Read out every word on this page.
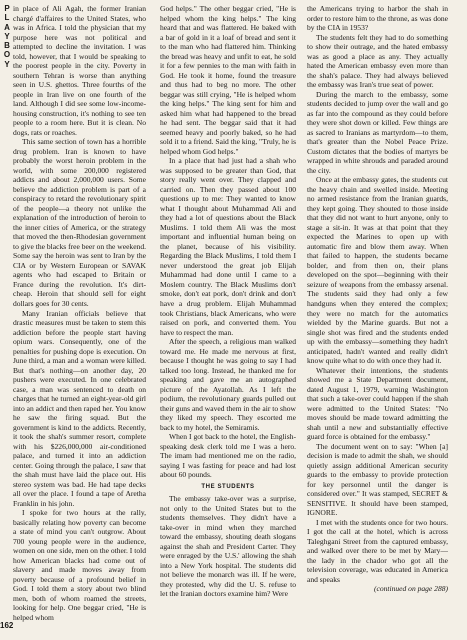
P
L
A
Y
B
O
Y
162

in place of Ali Agah, the former Iranian chargé d'affaires to the United States, who was in Africa. I told the physician that my purpose here was not political and attempted to decline the invitation. I was told, however, that I would be speaking to the poorest people in the city. Poverty in southern Tehran is worse than anything seen in U.S. ghettos. Three fourths of the people in Iran live on one fourth of the land. Although I did see some low-income-housing construction, it's nothing to see ten people to a room here. But it is clean. No dogs, rats or roaches.

This same section of town has a horrible drug problem. Iran is known to have probably the worst heroin problem in the world, with some 200,000 registered addicts and about 2,000,000 users. Some believe the addiction problem is part of a conspiracy to retard the revolutionary spirit of the people—a theory not unlike the explanation of the introduction of heroin to the inner cities of America, or the strategy that moved the then-Rhodesian government to give the blacks free beer on the weekend. Some say the heroin was sent to Iran by the CIA or by Western European or SAVAK agents who had escaped to Britain or France during the revolution. It's dirt-cheap. Heroin that should sell for eight dollars goes for 30 cents.

Many Iranian officials believe that drastic measures must be taken to stem this addiction before the people start having opium wars. Consequently, one of the penalties for pushing dope is execution. On June third, a man and a woman were killed. But that's nothing—on another day, 20 pushers were executed. In one celebrated case, a man was sentenced to death on charges that he turned an eight-year-old girl into an addict and then raped her. You know he saw the firing squad. But the government is kind to the addicts. Recently, it took the shah's summer resort, complete with his $226,000,000 air-conditioned palace, and turned it into an addiction center. Going through the palace, I saw that the shah must have laid the place out. His stereo system was bad. He had tape decks all over the place. I found a tape of Aretha Franklin in his john.

I spoke for two hours at the rally, basically relating how poverty can become a state of mind you can't outgrow. About 700 young people were in the audience, women on one side, men on the other. I told how American blacks had come out of slavery and made moves away from poverty because of a profound belief in God. I told them a story about two blind men, both of whom roamed the streets, looking for help. One beggar cried, "He is helped whom

God helps." The other beggar cried, "He is helped whom the king helps." The king heard that and was flattered. He baked with a bar of gold in it a loaf of bread and sent it to the man who had flattered him. Thinking the bread was heavy and unfit to eat, he sold it for a few pennies to the man with faith in God. He took it home, found the treasure and thus had to beg no more. The other beggar was still crying, "He is helped whom the king helps." The king sent for him and asked him what had happened to the bread he had sent. The beggar said that it had seemed heavy and poorly baked, so he had sold it to a friend. Said the king, "Truly, he is helped whom God helps."

In a place that had just had a shah who was supposed to be greater than God, that story really went over. They clapped and carried on. Then they passed about 100 questions up to me: They wanted to know what I thought about Muhammad Ali and they had a lot of questions about the Black Muslims. I told them Ali was the most important and influential human being on the planet, because of his visibility. Regarding the Black Muslims, I told them I never understood the great job Elijah Muhammad had done until I came to a Moslem country. The Black Muslims don't smoke, don't eat pork, don't drink and don't have a drug problem. Elijah Muhammad took Christians, black Americans, who were raised on pork, and converted them. You have to respect the man.

After the speech, a religious man walked toward me. He made me nervous at first, because I thought he was going to say I had talked too long. Instead, he thanked me for speaking and gave me an autographed picture of the Ayatollah. As I left the podium, the revolutionary guards pulled out their guns and waved them in the air to show they liked my speech. They escorted me back to my hotel, the Semiramis.

When I got back to the hotel, the English-speaking desk clerk told me I was a hero. The imam had mentioned me on the radio, saying I was fasting for peace and had lost about 60 pounds.

THE STUDENTS

The embassy take-over was a surprise, not only to the United States but to the students themselves. They didn't have a take-over in mind when they marched toward the embassy, shouting death slogans against the shah and President Carter. They were enraged by the U.S.' allowing the shah into a New York hospital. The students did not believe the monarch was ill. If he were, they protested, why did the U. S. refuse to let the Iranian doctors examine him? Were

the Americans trying to harbor the shah in order to restore him to the throne, as was done by the CIA in 1953?

The students felt they had to do something to show their outrage, and the hated embassy was as good a place as any. They actually hated the American embassy even more than the shah's palace. They had always believed the embassy was Iran's true seat of power.

During the march to the embassy, some students decided to jump over the wall and go as far into the compound as they could before they were shot down or killed. Few things are as sacred to Iranians as martyrdom—to them, that's greater than the Nobel Peace Prize. Custom dictates that the bodies of martyrs be wrapped in white shrouds and paraded around the city.

Once at the embassy gates, the students cut the heavy chain and swelled inside. Meeting no armed resistance from the Iranian guards, they kept going. They shouted to those inside that they did not want to hurt anyone, only to stage a sit-in. It was at that point that they expected the Marines to open up with automatic fire and blow them away. When that failed to happen, the students became bolder, and from then on, their plans developed on the spot—beginning with their seizure of weapons from the embassy arsenal. The students said they had only a few handguns when they entered the complex; they were no match for the automatics wielded by the Marine guards. But not a single shot was fired and the students ended up with the embassy—something they hadn't anticipated, hadn't wanted and really didn't know quite what to do with once they had it.

Whatever their intentions, the students showed me a State Department document, dated August 1, 1979, warning Washington that such a take-over could happen if the shah were admitted to the United States: "No moves should be made toward admitting the shah until a new and substantially effective guard force is obtained for the embassy."

The document went on to say: "When [a] decision is made to admit the shah, we should quietly assign additional American security guards to the embassy to provide protection for key personnel until the danger is considered over." It was stamped, SECRET & SENSITIVE. It should have been stamped, IGNORE.

I met with the students once for two hours. I got the call at the hotel, which is across Taleghgani Street from the captured embassy, and walked over there to be met by Mary—the lady in the chador who got all the television coverage, was educated in America and speaks

(continued on page 288)
